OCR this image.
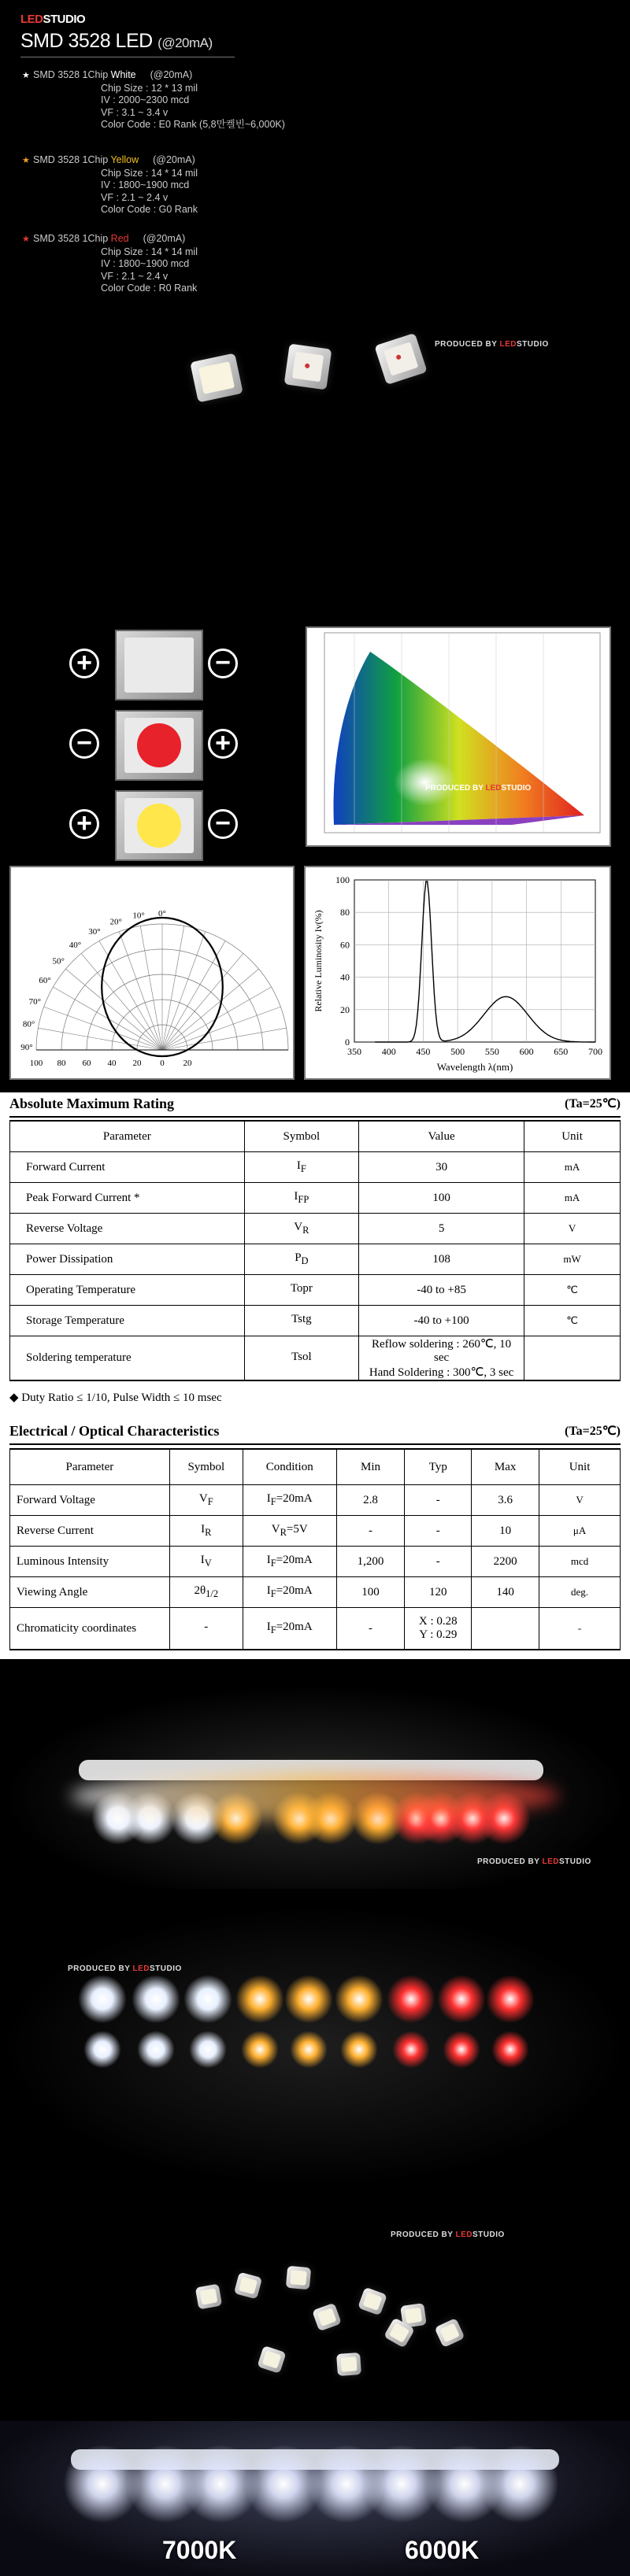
LEDSTUDIO
SMD 3528 LED (@20mA)
★ SMD 3528 1Chip White (@20mA)
Chip Size : 12 * 13 mil
IV : 2000~2300 mcd
VF : 3.1 ~ 3.4 v
Color Code : E0 Rank (5,8만켈빈~6,000K)
★ SMD 3528 1Chip Yellow (@20mA)
Chip Size : 14 * 14 mil
IV : 1800~1900 mcd
VF : 2.1 ~ 2.4 v
Color Code : G0 Rank
★ SMD 3528 1Chip Red (@20mA)
Chip Size : 14 * 14 mil
IV : 1800~1900 mcd
VF : 2.1 ~ 2.4 v
Color Code : R0 Rank
PRODUCED BY LEDSTUDIO
+	−
−	+
+	−
PRODUCED BY LEDSTUDIO
0°
10°
20°
30°
40°
50°
60°
70°
80°
90°
100 80 60 40 20 0 20
350 400 450 500 550 600 650 700
100
80
60
40
20
0
Relative Luminosity Iv(%)
Wavelength λ(nm)
Absolute Maximum Rating	(Ta=25℃)
Parameter	Symbol	Value	Unit
Forward Current	$I_F$	30	mA
Peak Forward Current *	$I_{FP}$	100	mA
Reverse Voltage	$V_R$	5	V
Power Dissipation	$P_D$	108	mW
Operating Temperature	Topr	-40 to +85	℃
Storage Temperature	Tstg	-40 to +100	℃
Soldering temperature	Tsol	Reflow soldering : 260℃, 10 sec
Hand Soldering : 300℃, 3 sec	

◆ Duty Ratio ≤ 1/10, Pulse Width ≤ 10 msec
Electrical / Optical Characteristics	(Ta=25℃)
Parameter	Symbol	Condition	Min	Typ	Max	Unit
Forward Voltage	$V_F$	$I_F=20mA$	2.8	-	3.6	V
Reverse Current	$I_R$	$V_R=5V$	-	-	10	μA
Luminous Intensity	$I_V$	$I_F=20mA$	1,200	-	2200	mcd
Viewing Angle	$2\theta_{1/2}$	$I_F=20mA$	100	120	140	deg.
Chromaticity coordinates	-	$I_F=20mA$	-	X : 0.28
Y : 0.29		-
PRODUCED BY LEDSTUDIO
PRODUCED BY LEDSTUDIO
PRODUCED BY LEDSTUDIO
7000K	6000K
